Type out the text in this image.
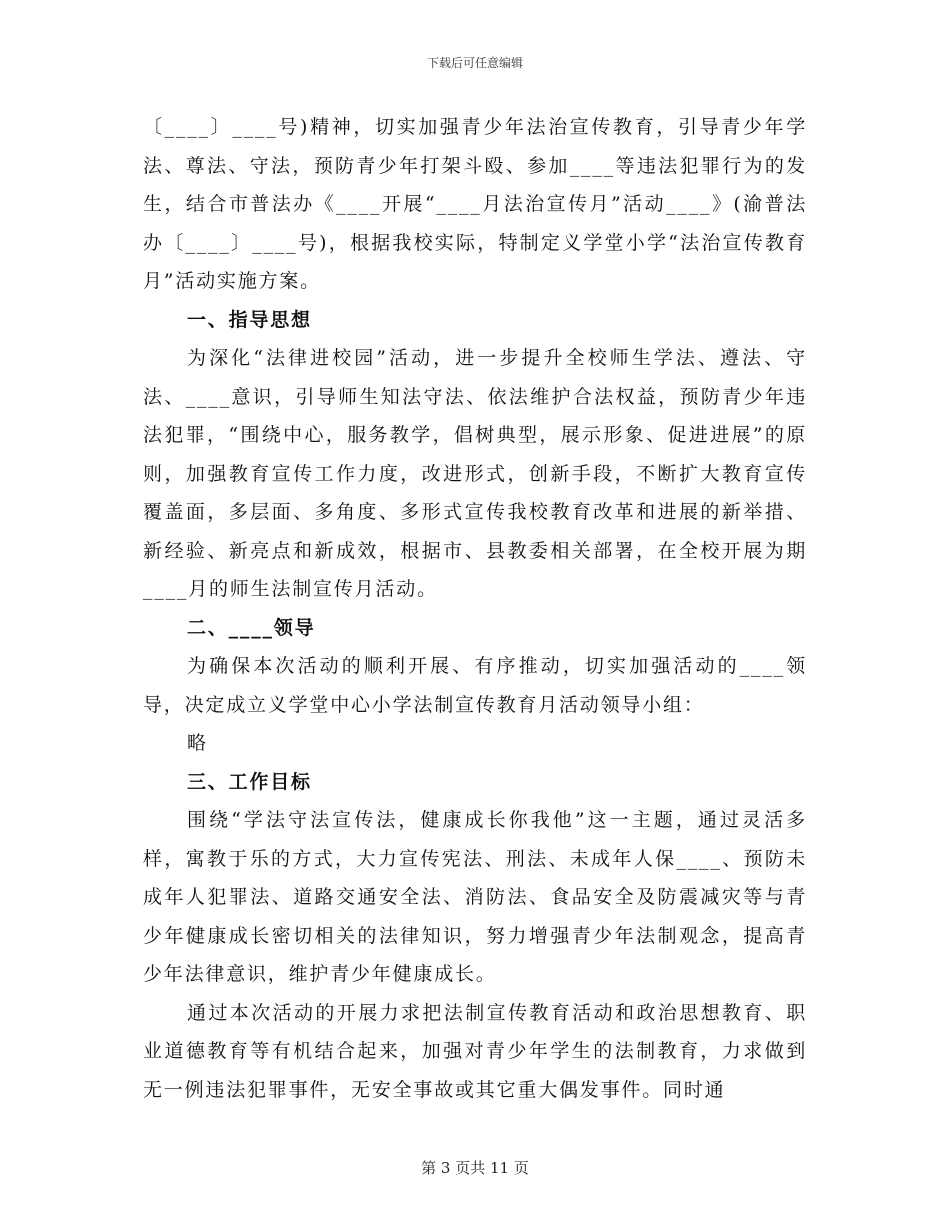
下载后可任意编辑

〔____〕____号)精神，切实加强青少年法治宣传教育，引导青少年学法、尊法、守法，预防青少年打架斗殴、参加____等违法犯罪行为的发生，结合市普法办《____开展“____月法治宣传月”活动____》(渝普法办〔____〕____号)，根据我校实际，特制定义学堂小学“法治宣传教育月”活动实施方案。

一、指导思想

为深化“法律进校园”活动，进一步提升全校师生学法、遵法、守法、____意识，引导师生知法守法、依法维护合法权益，预防青少年违法犯罪，“围绕中心，服务教学，倡树典型，展示形象、促进进展”的原则，加强教育宣传工作力度，改进形式，创新手段，不断扩大教育宣传覆盖面，多层面、多角度、多形式宣传我校教育改革和进展的新举措、新经验、新亮点和新成效，根据市、县教委相关部署，在全校开展为期____月的师生法制宣传月活动。

二、____领导

为确保本次活动的顺利开展、有序推动，切实加强活动的____领导，决定成立义学堂中心小学法制宣传教育月活动领导小组：

略

三、工作目标

围绕“学法守法宣传法，健康成长你我他”这一主题，通过灵活多样，寓教于乐的方式，大力宣传宪法、刑法、未成年人保____、预防未成年人犯罪法、道路交通安全法、消防法、食品安全及防震减灾等与青少年健康成长密切相关的法律知识，努力增强青少年法制观念，提高青少年法律意识，维护青少年健康成长。

通过本次活动的开展力求把法制宣传教育活动和政治思想教育、职业道德教育等有机结合起来，加强对青少年学生的法制教育，力求做到无一例违法犯罪事件，无安全事故或其它重大偶发事件。同时通

第 3 页共 11 页
